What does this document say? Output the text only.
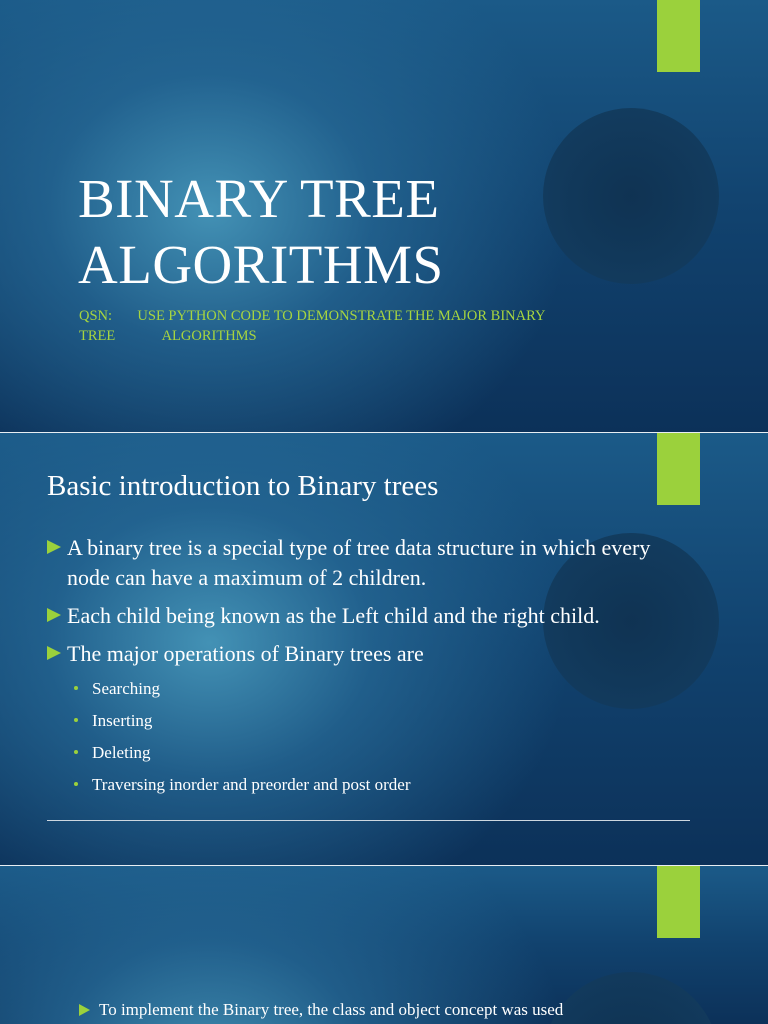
BINARY TREE
ALGORITHMS
QSN:       USE PYTHON CODE TO DEMONSTRATE THE MAJOR BINARY
TREE             ALGORITHMS
Basic introduction to Binary trees
A binary tree is a special type of tree data structure in which every node can have a maximum of 2 children.
Each child being known as the Left child and the right child.
The major operations of Binary trees are
Searching
Inserting
Deleting
Traversing inorder and preorder and post order
To implement the Binary tree, the class and object concept was used
